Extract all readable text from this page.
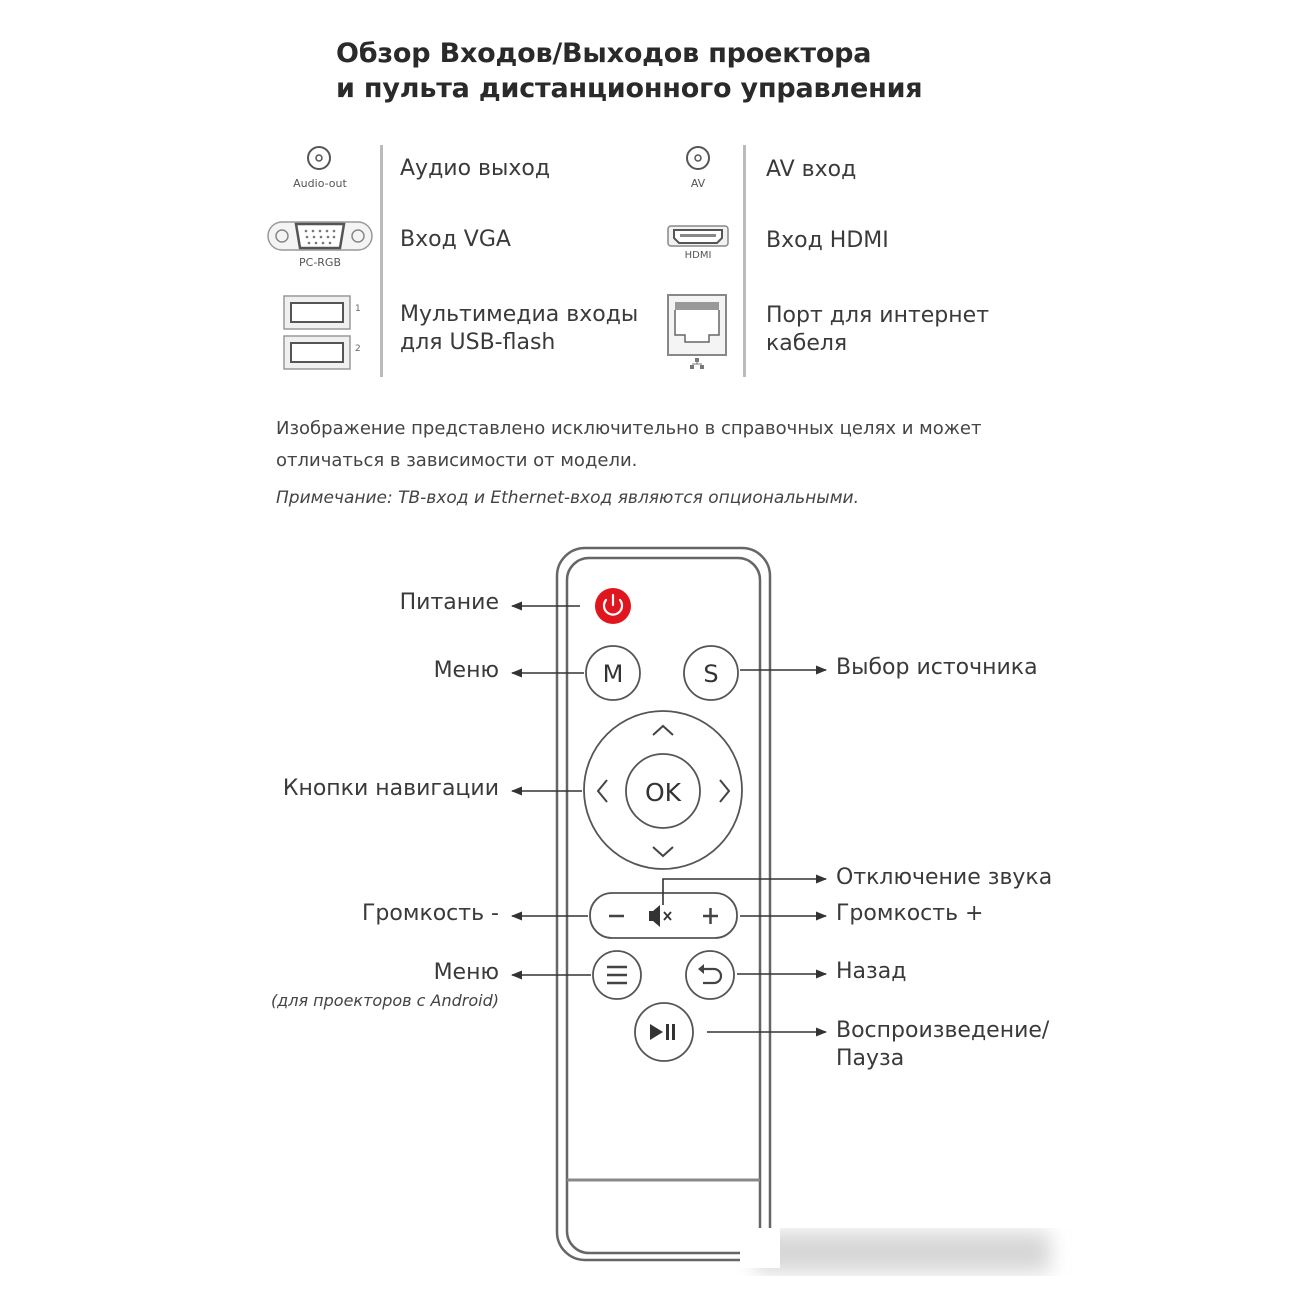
Обзор Входов/Выходов проектора
и пульта дистанционного управления
Audio-out
PC-RGB
1
2
Аудио выход
Вход VGA
Мультимедиа входы
для USB-flash
AV
HDMI
AV вход
Вход HDMI
Порт для интернет
кабеля
Изображение представлено исключительно в справочных целях и может
отличаться в зависимости от модели.
Примечание: ТВ-вход и Ethernet-вход являются опциональными.
M	S
OK
Питание
Меню
Кнопки навигации
Громкость -
Меню
(для проекторов с Android)
Выбор источника
Отключение звука
Громкость +
Назад
Воспроизведение/
Пауза
